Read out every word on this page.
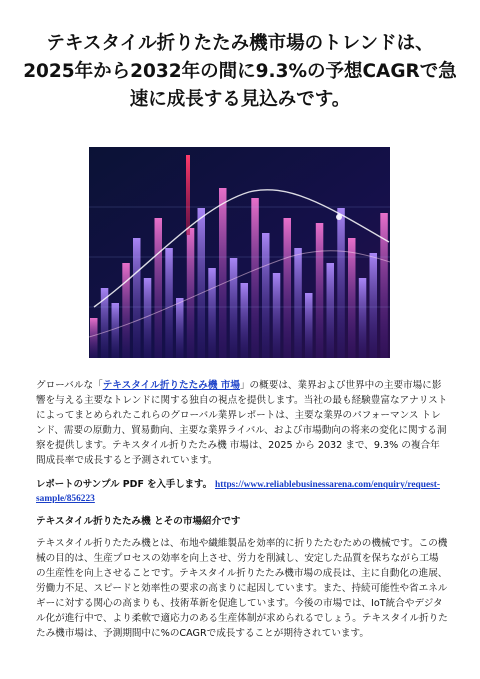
テキスタイル折りたたみ機市場のトレンドは、
2025年から2032年の間に9.3%の予想CAGRで急
速に成長する見込みです。
グローバルな「テキスタイル折りたたみ機 市場」の概要は、業界および世界中の主要市場に影響を与える主要なトレンドに関する独自の視点を提供します。当社の最も経験豊富なアナリストによってまとめられたこれらのグローバル業界レポートは、主要な業界のパフォーマンス トレンド、需要の原動力、貿易動向、主要な業界ライバル、および市場動向の将来の変化に関する洞察を提供します。テキスタイル折りたたみ機 市場は、2025 から 2032 まで、9.3% の複合年間成長率で成長すると予測されています。
レポートのサンプル PDF を入手します。 https://www.reliablebusinessarena.com/enquiry/request-sample/856223
テキスタイル折りたたみ機 とその市場紹介です
テキスタイル折りたたみ機とは、布地や繊維製品を効率的に折りたたむための機械です。この機械の目的は、生産プロセスの効率を向上させ、労力を削減し、安定した品質を保ちながら工場の生産性を向上させることです。テキスタイル折りたたみ機市場の成長は、主に自動化の進展、労働力不足、スピードと効率性の要求の高まりに起因しています。また、持続可能性や省エネルギーに対する関心の高まりも、技術革新を促進しています。今後の市場では、IoT統合やデジタル化が進行中で、より柔軟で適応力のある生産体制が求められるでしょう。テキスタイル折りたたみ機市場は、予測期間中に%のCAGRで成長することが期待されています。
